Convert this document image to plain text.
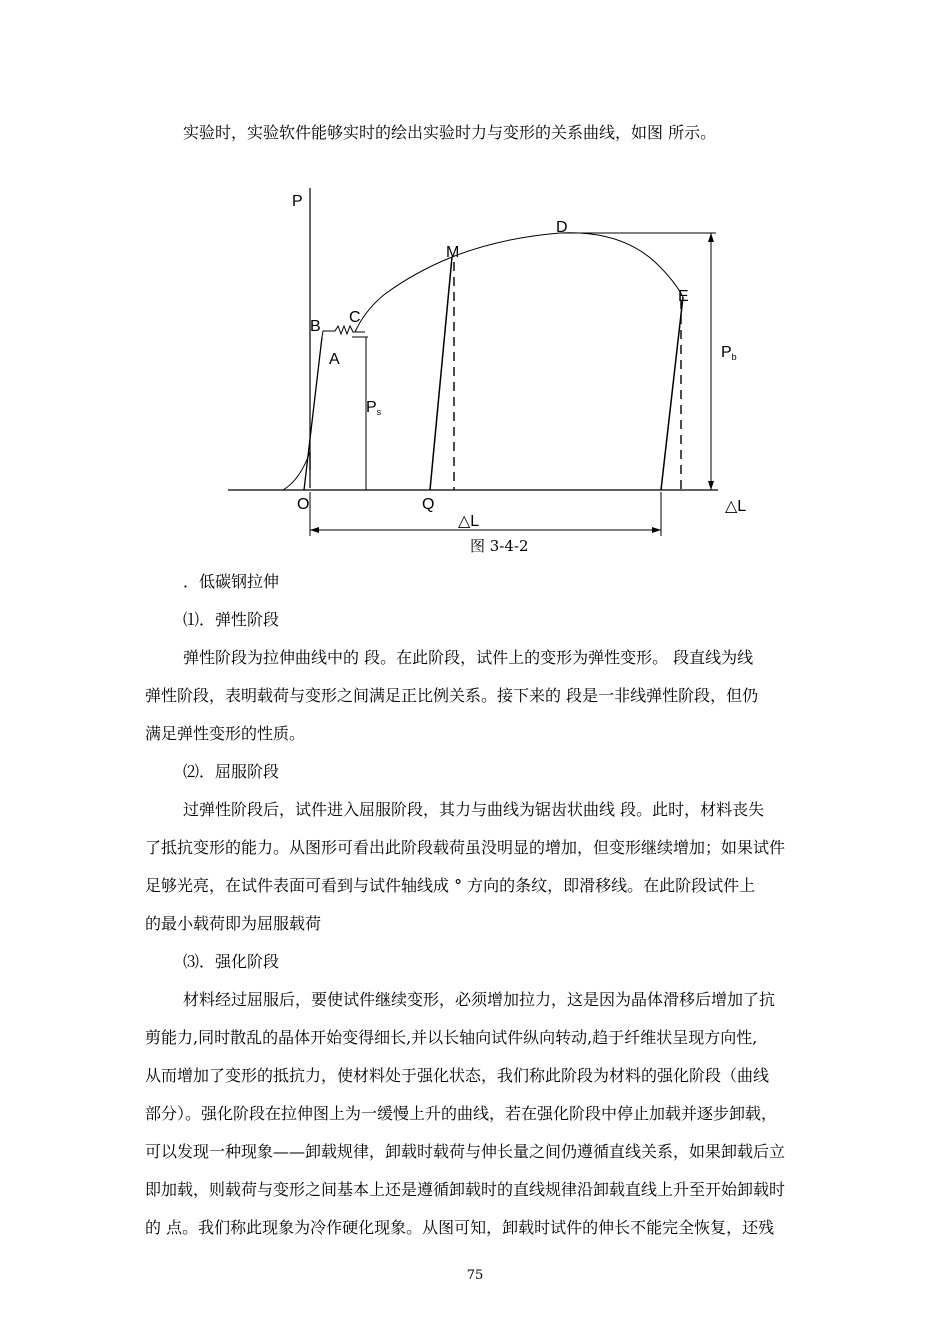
实验时，实验软件能够实时的绘出实验时力与变形的关系曲线，如图 所示。
P
△L
O
B
C
A
M
D
E
Q
Ps
Pb
△L
图 3-4-2
．低碳钢拉伸
⑴．弹性阶段
弹性阶段为拉伸曲线中的 段。在此阶段，试件上的变形为弹性变形。 段直线为线
弹性阶段，表明载荷与变形之间满足正比例关系。接下来的 段是一非线弹性阶段，但仍
满足弹性变形的性质。
⑵．屈服阶段
过弹性阶段后，试件进入屈服阶段，其力与曲线为锯齿状曲线 段。此时，材料丧失
了抵抗变形的能力。从图形可看出此阶段载荷虽没明显的增加，但变形继续增加；如果试件
足够光亮，在试件表面可看到与试件轴线成 ° 方向的条纹，即滑移线。在此阶段试件上
的最小载荷即为屈服载荷
⑶．强化阶段
材料经过屈服后，要使试件继续变形，必须增加拉力，这是因为晶体滑移后增加了抗
剪能力,同时散乱的晶体开始变得细长,并以长轴向试件纵向转动,趋于纤维状呈现方向性,
从而增加了变形的抵抗力，使材料处于强化状态，我们称此阶段为材料的强化阶段（曲线
部分）。强化阶段在拉伸图上为一缓慢上升的曲线，若在强化阶段中停止加载并逐步卸载，
可以发现一种现象——卸载规律，卸载时载荷与伸长量之间仍遵循直线关系，如果卸载后立
即加载，则载荷与变形之间基本上还是遵循卸载时的直线规律沿卸载直线上升至开始卸载时
的 点。我们称此现象为冷作硬化现象。从图可知，卸载时试件的伸长不能完全恢复，还残
75
